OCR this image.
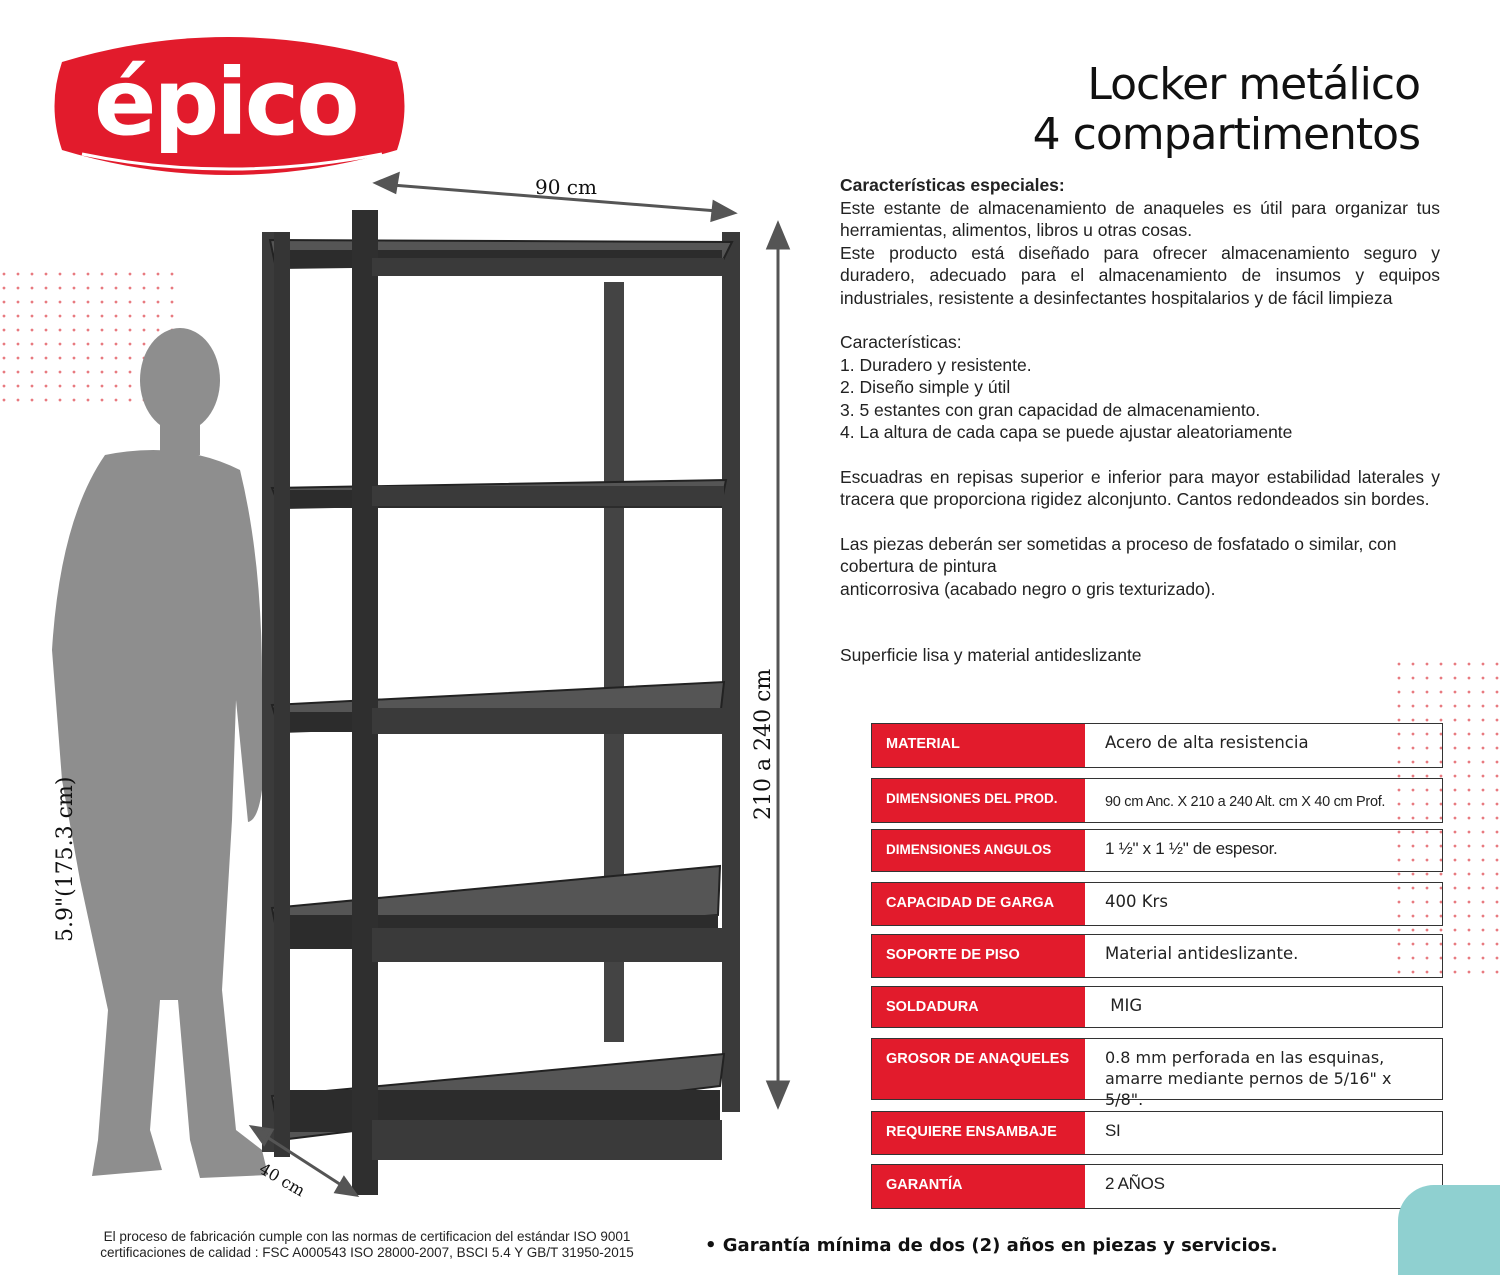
épico	Locker metálico
4 compartimentos

Características especiales:

Este estante de almacenamiento de anaqueles es útil para organizar tus herramientas, alimentos, libros u otras cosas.

Este producto está diseñado para ofrecer almacenamiento seguro y duradero, adecuado para el almacenamiento de insumos y equipos industriales, resistente a desinfectantes hospitalarios y de fácil limpieza

Características:

1. Duradero y resistente.

2. Diseño simple y útil

3. 5 estantes con gran capacidad de almacenamiento.

4. La altura de cada capa se puede ajustar aleatoriamente

Escuadras en repisas superior e inferior para mayor estabilidad laterales y tracera que proporciona rigidez alconjunto. Cantos redondeados sin bordes.

Las piezas deberán ser sometidas a proceso de fosfatado o similar, con cobertura de pintura

anticorrosiva (acabado negro o gris texturizado).

Superficie lisa y material antideslizante

MATERIAL	Acero de alta resistencia
DIMENSIONES DEL PROD.	90 cm Anc. X 210 a 240 Alt. cm X 40 cm Prof.
DIMENSIONES ANGULOS	1 ½" x 1 ½" de espesor.
CAPACIDAD DE GARGA	400 Krs
SOPORTE DE PISO	Material antideslizante.
SOLDADURA	MIG
GROSOR DE ANAQUELES	0.8 mm perforada en las esquinas,
amarre mediante pernos de 5/16" x 5/8".
REQUIERE ENSAMBAJE	SI
GARANTÍA	2 AÑOS
90 cm
210 a 240 cm
40 cm
5.9"(175.3 cm)
El proceso de fabricación cumple con las normas de certificacion del estándar ISO 9001
certificaciones de calidad : FSC A000543 ISO 28000-2007, BSCI 5.4 Y GB/T 31950-2015	• Garantía mínima de dos (2) años en piezas y servicios.
